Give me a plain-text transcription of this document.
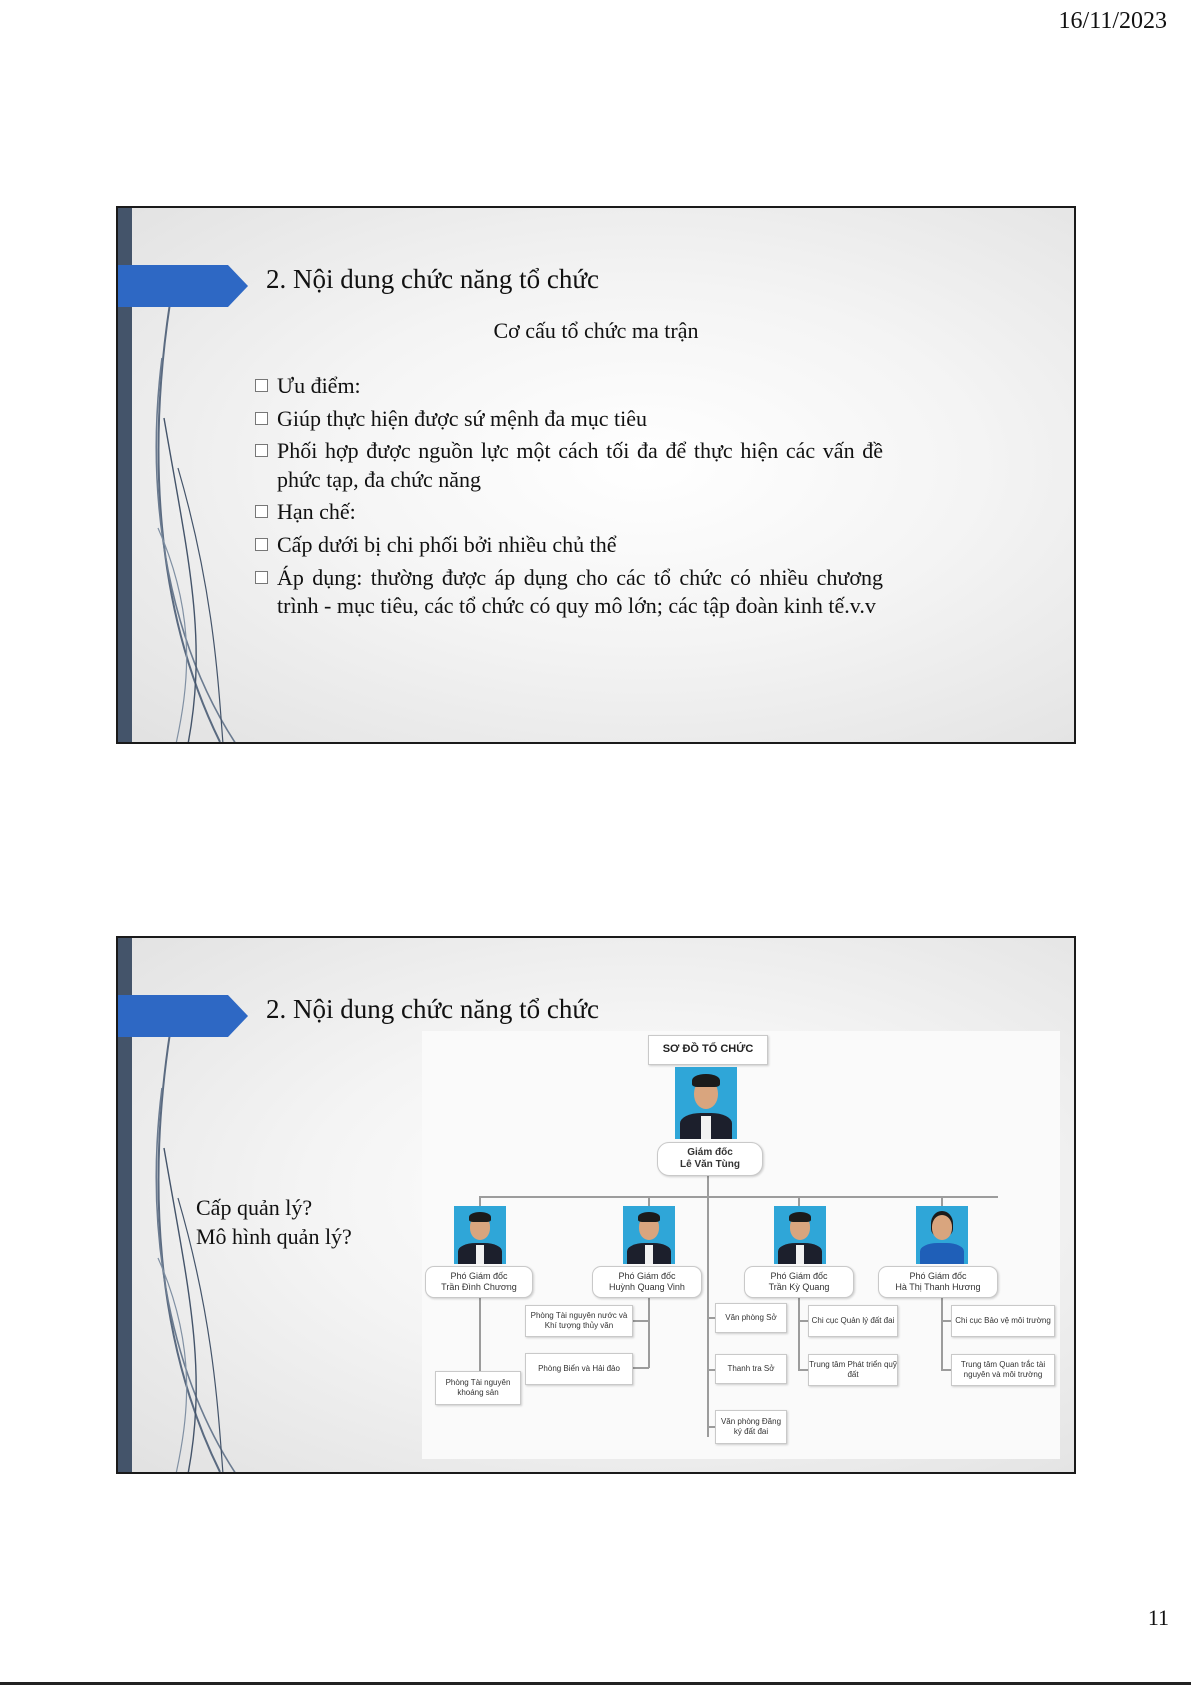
16/11/2023
2. Nội dung chức năng tổ chức
Cơ cấu tổ chức ma trận
Ưu điểm:
Giúp thực hiện được sứ mệnh đa mục tiêu
Phối hợp được nguồn lực một cách tối đa để thực hiện các vấn đề phức tạp, đa chức năng
Hạn chế:
Cấp dưới bị chi phối bởi nhiều chủ thể
Áp dụng: thường được áp dụng cho các tổ chức có nhiều chương trình - mục tiêu, các tổ chức có quy mô lớn; các tập đoàn kinh tế.v.v
2. Nội dung chức năng tổ chức
Cấp quản lý?
Mô hình quản lý?
SƠ ĐỒ TỔ CHỨC
Giám đốc
Lê Văn Tùng
Phó Giám đốc
Trần Đình Chương
Phó Giám đốc
Huỳnh Quang Vinh
Phó Giám đốc
Trần Kỳ Quang
Phó Giám đốc
Hà Thị Thanh Hương
Phòng Tài nguyên khoáng sản
Phòng Tài nguyên nước và Khí tượng thủy văn
Phòng Biển và Hải đảo
Văn phòng Sở
Thanh tra Sở
Văn phòng Đăng ký đất đai
Chi cục Quản lý đất đai
Trung tâm Phát triển quỹ đất
Chi cục Bảo vệ môi trường
Trung tâm Quan trắc tài nguyên và môi trường
11
